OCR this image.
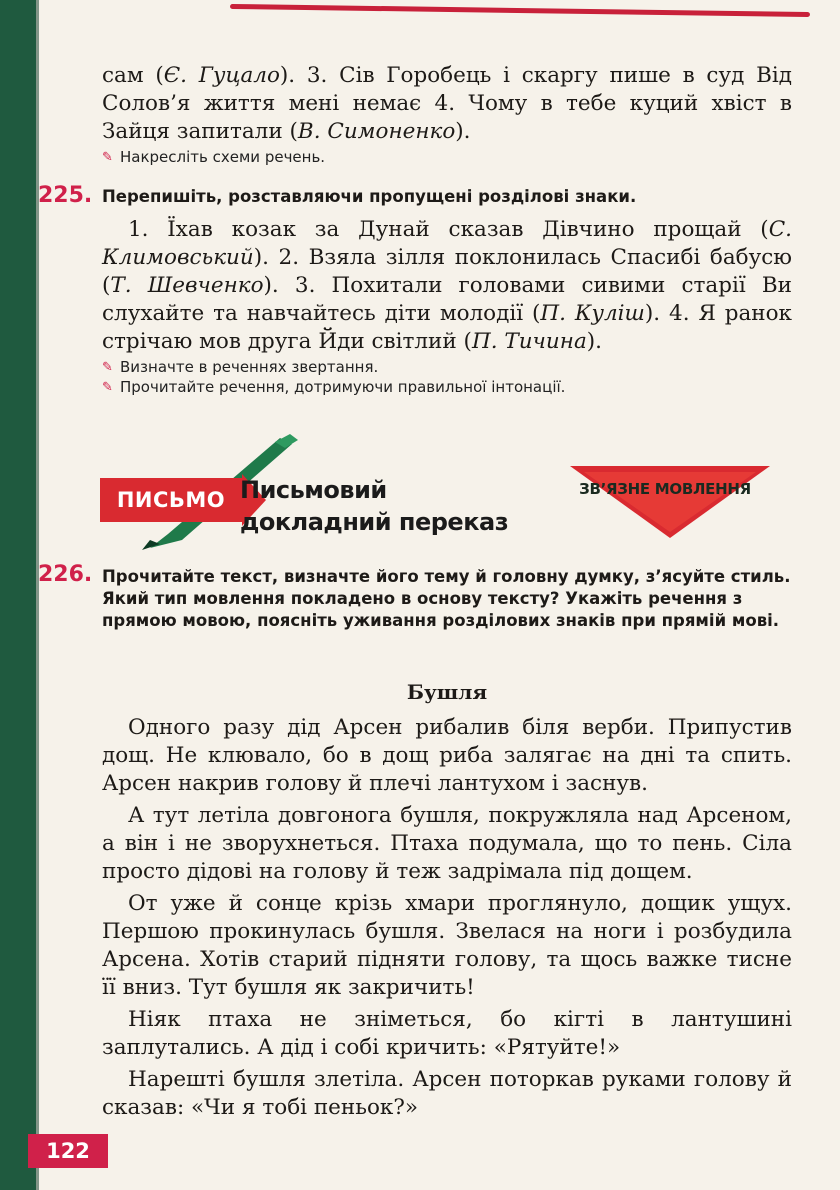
сам (Є. Гуцало). 3. Сів Горобець і скаргу пише в суд Від Солов’я життя мені немає 4. Чому в тебе куций хвіст в Зайця запитали (В. Симоненко).

✎ Накресліть схеми речень.
225. Перепишіть, розставляючи пропущені розділові знаки.

1. Їхав козак за Дунай сказав Дівчино прощай (С. Климовський). 2. Взяла зілля поклонилась Спасибі бабусю (Т. Шевченко). 3. Похитали головами сивими старії Ви слухайте та навчайтесь діти молодії (П. Куліш). 4. Я ранок стрічаю мов друга Йди світлий (П. Тичина).

✎ Визначте в реченнях звертання.
✎ Прочитайте речення, дотримуючи правильної інтонації.
ПИСЬМО Письмовий
докладний переказ
ЗВ’ЯЗНЕ МОВЛЕННЯ
226. Прочитайте текст, визначте його тему й головну думку, з’ясуйте стиль. Який тип мовлення покладено в основу тексту? Укажіть речення з прямою мовою, поясніть уживання розділових знаків при прямій мові.

Бушля

Одного разу дід Арсен рибалив біля верби. Припустив дощ. Не клювало, бо в дощ риба залягає на дні та спить. Арсен накрив голову й плечі лантухом і заснув.

А тут летіла довгонога бушля, покружляла над Арсеном, а він і не зворухнеться. Птаха подумала, що то пень. Сіла просто дідові на голову й теж задрімала під дощем.

От уже й сонце крізь хмари проглянуло, дощик ущух. Першою прокинулась бушля. Звелася на ноги і розбудила Арсена. Хотів старий підняти голову, та щось важке тисне її вниз. Тут бушля як закричить!

Ніяк птаха не зніметься, бо кігті в лантушині заплутались. А дід і собі кричить: «Рятуйте!»

Нарешті бушля злетіла. Арсен поторкав руками голову й сказав: «Чи я тобі пеньок?»

122
